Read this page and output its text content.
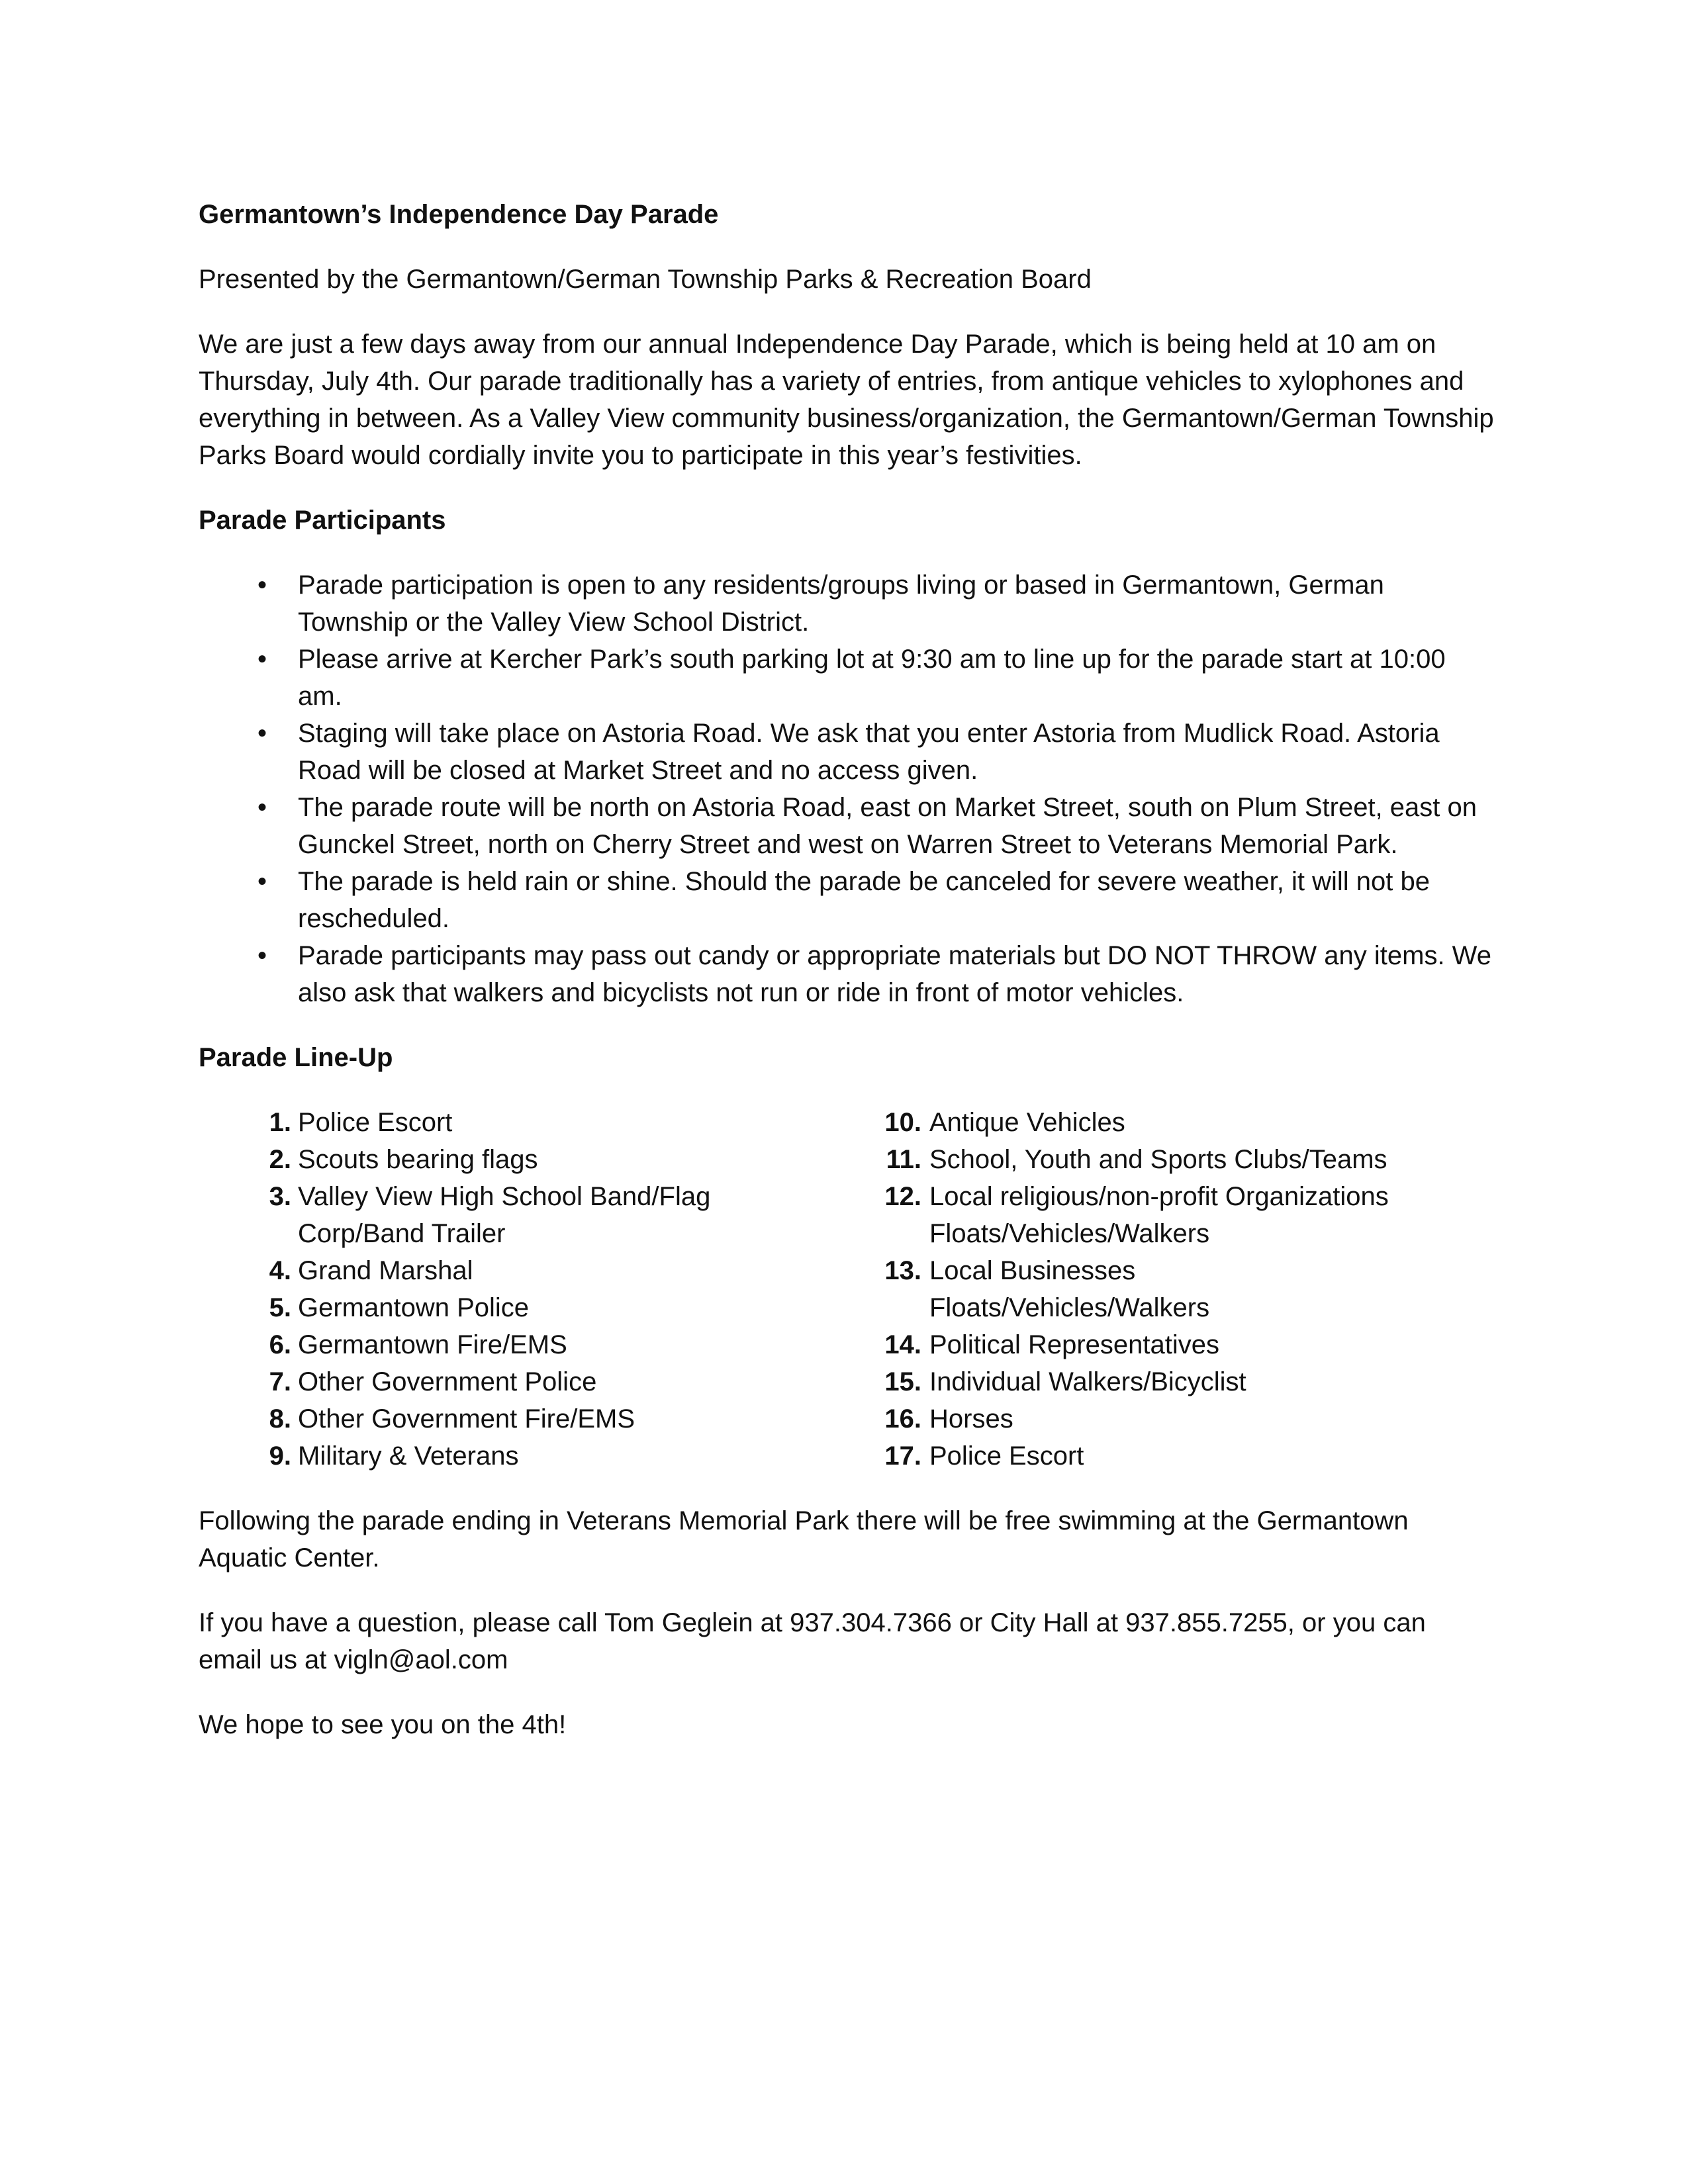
Germantown’s Independence Day Parade

Presented by the Germantown/German Township Parks & Recreation Board

We are just a few days away from our annual Independence Day Parade, which is being held at 10 am on Thursday, July 4th. Our parade traditionally has a variety of entries, from antique vehicles to xylophones and everything in between. As a Valley View community business/organization, the Germantown/German Township Parks Board would cordially invite you to participate in this year’s festivities.

Parade Participants

•	Parade participation is open to any residents/groups living or based in Germantown, German Township or the Valley View School District.
•	Please arrive at Kercher Park’s south parking lot at 9:30 am to line up for the parade start at 10:00 am.
•	Staging will take place on Astoria Road. We ask that you enter Astoria from Mudlick Road. Astoria Road will be closed at Market Street and no access given.
•	The parade route will be north on Astoria Road, east on Market Street, south on Plum Street, east on Gunckel Street, north on Cherry Street and west on Warren Street to Veterans Memorial Park.
•	The parade is held rain or shine. Should the parade be canceled for severe weather, it will not be rescheduled.
•	Parade participants may pass out candy or appropriate materials but DO NOT THROW any items. We also ask that walkers and bicyclists not run or ride in front of motor vehicles.

Parade Line-Up

1. Police Escort
2. Scouts bearing flags
3. Valley View High School Band/Flag Corp/Band Trailer
4. Grand Marshal
5. Germantown Police
6. Germantown Fire/EMS
7. Other Government Police
8. Other Government Fire/EMS
9. Military & Veterans
10. Antique Vehicles
11. School, Youth and Sports Clubs/Teams
12. Local religious/non-profit Organizations Floats/Vehicles/Walkers
13. Local Businesses Floats/Vehicles/Walkers
14. Political Representatives
15. Individual Walkers/Bicyclist
16. Horses
17. Police Escort

Following the parade ending in Veterans Memorial Park there will be free swimming at the Germantown Aquatic Center.

If you have a question, please call Tom Geglein at 937.304.7366 or City Hall at 937.855.7255, or you can email us at vigln@aol.com

We hope to see you on the 4th!
